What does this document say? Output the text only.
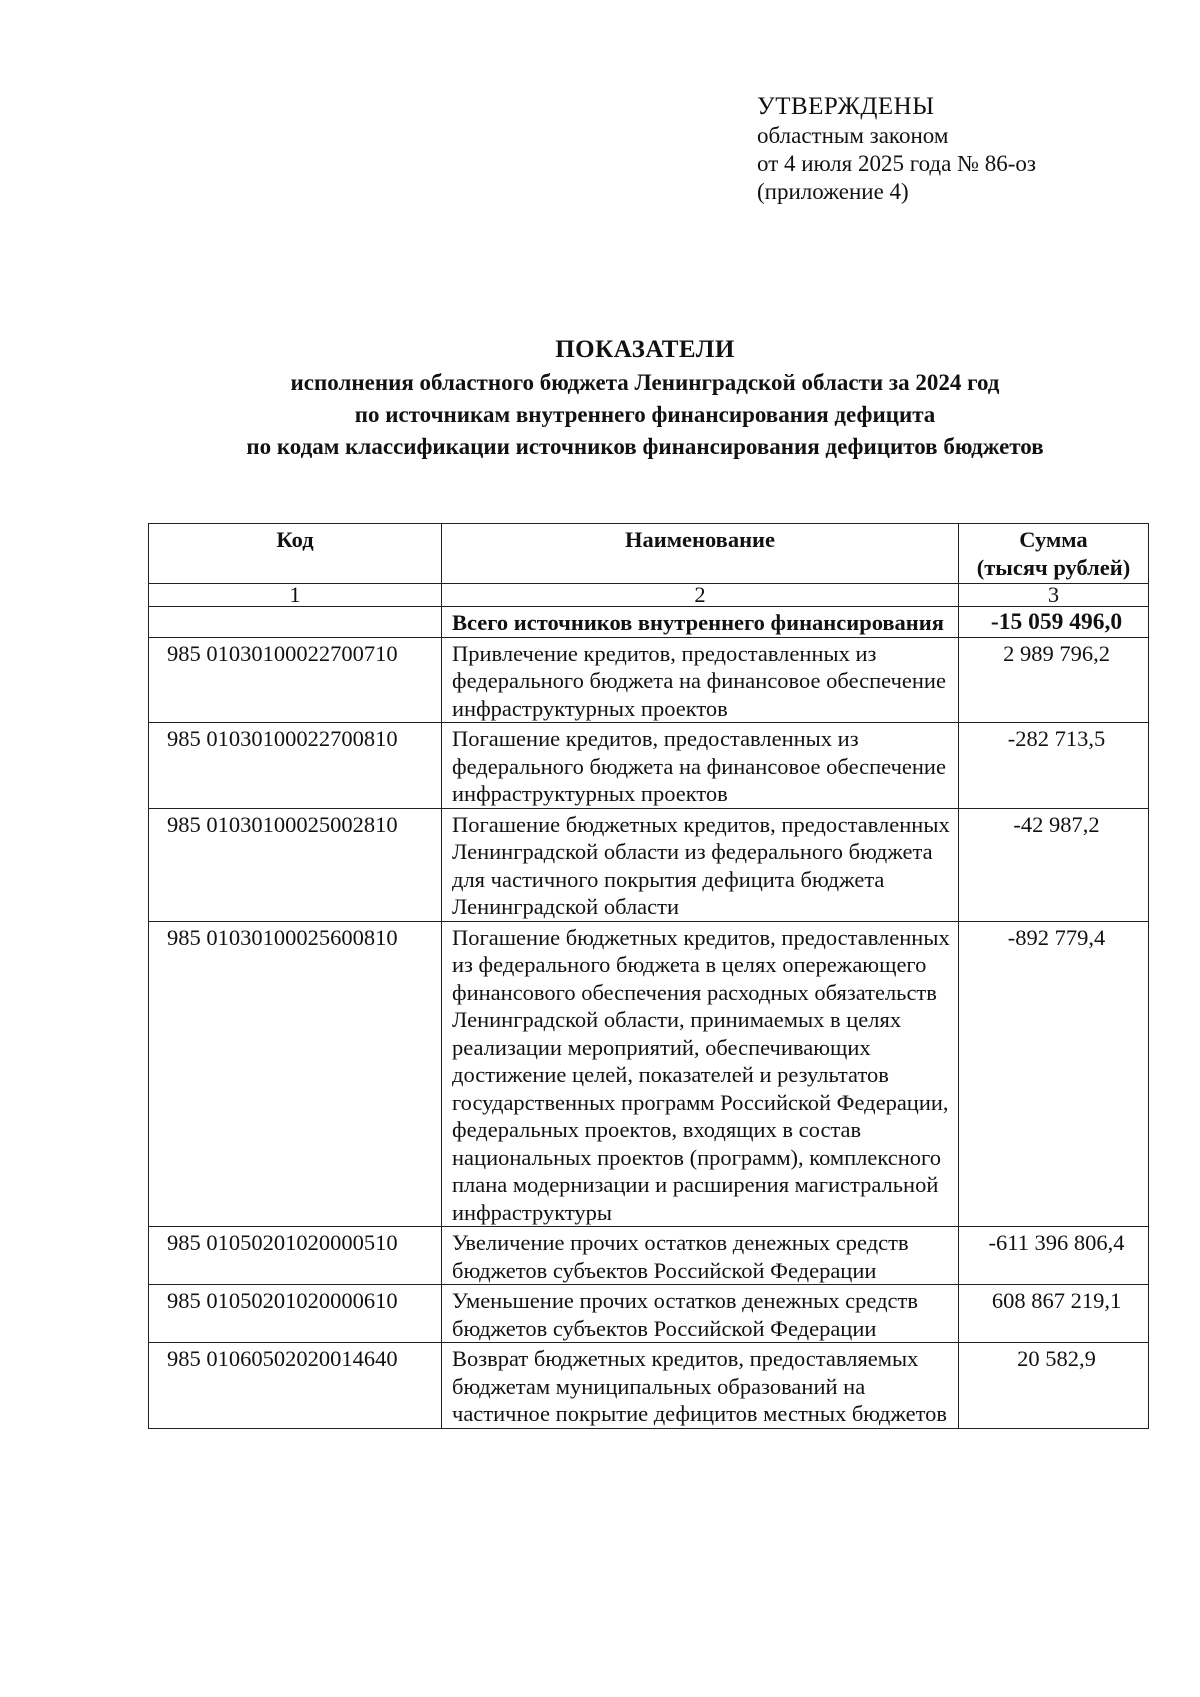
УТВЕРЖДЕНЫ
областным законом
от 4 июля 2025 года № 86-оз
(приложение 4)
ПОКАЗАТЕЛИ
исполнения областного бюджета Ленинградской области за 2024 год
по источникам внутреннего финансирования дефицита
по кодам классификации источников финансирования дефицитов бюджетов
Код	Наименование	Сумма
(тысяч рублей)

1	2	3
	Всего источников внутреннего финансирования	-15 059 496,0
985 01030100022700710	Привлечение кредитов, предоставленных из федерального бюджета на финансовое обеспечение инфраструктурных проектов	2 989 796,2
985 01030100022700810	Погашение кредитов, предоставленных из федерального бюджета на финансовое обеспечение инфраструктурных проектов	-282 713,5
985 01030100025002810	Погашение бюджетных кредитов, предоставленных Ленинградской области из федерального бюджета для частичного покрытия дефицита бюджета Ленинградской области	-42 987,2
985 01030100025600810	Погашение бюджетных кредитов, предоставленных из федерального бюджета в целях опережающего финансового обеспечения расходных обязательств Ленинградской области, принимаемых в целях реализации мероприятий, обеспечивающих достижение целей, показателей и результатов государственных программ Российской Федерации, федеральных проектов, входящих в состав национальных проектов (программ), комплексного плана модернизации и расширения магистральной инфраструктуры	-892 779,4
985 01050201020000510	Увеличение прочих остатков денежных средств бюджетов субъектов Российской Федерации	-611 396 806,4
985 01050201020000610	Уменьшение прочих остатков денежных средств бюджетов субъектов Российской Федерации	608 867 219,1
985 01060502020014640	Возврат бюджетных кредитов, предоставляемых бюджетам муниципальных образований на частичное покрытие дефицитов местных бюджетов	20 582,9
